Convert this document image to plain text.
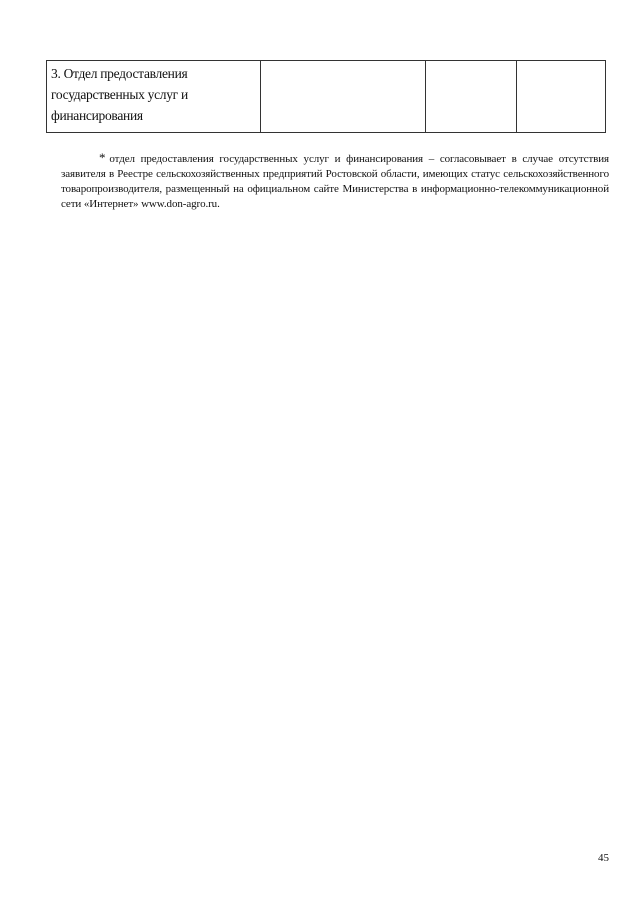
3. Отдел предоставления
государственных услуг и
финансирования

* отдел предоставления государственных услуг и финансирования – согласовывает в случае отсутствия заявителя в Реестре сельскохозяйственных предприятий Ростовской области, имеющих статус сельскохозяйственного товаропроизводителя, размещенный на официальном сайте Министерства в информационно-телекоммуникационной сети «Интернет» www.don-agro.ru.
45
